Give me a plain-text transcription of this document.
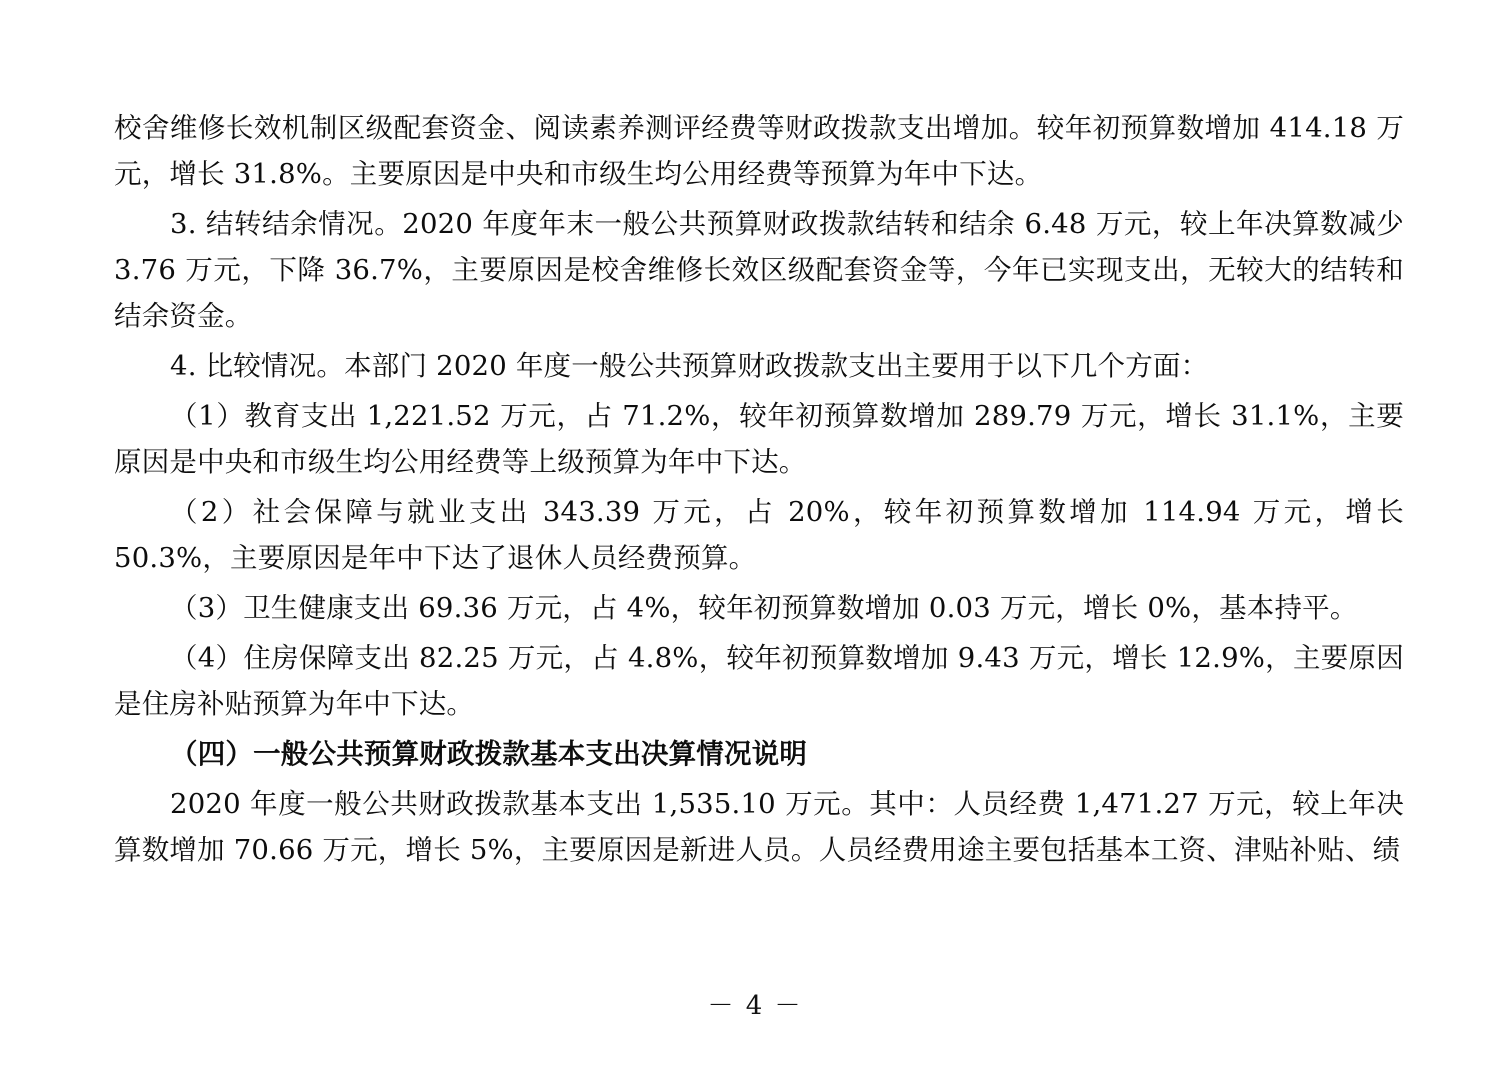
校舍维修长效机制区级配套资金、阅读素养测评经费等财政拨款支出增加。较年初预算数增加 414.18 万元，增长 31.8%。主要原因是中央和市级生均公用经费等预算为年中下达。

3. 结转结余情况。2020 年度年末一般公共预算财政拨款结转和结余 6.48 万元，较上年决算数减少 3.76 万元，下降 36.7%，主要原因是校舍维修长效区级配套资金等，今年已实现支出，无较大的结转和结余资金。

4. 比较情况。本部门 2020 年度一般公共预算财政拨款支出主要用于以下几个方面：

（1）教育支出 1,221.52 万元，占 71.2%，较年初预算数增加 289.79 万元，增长 31.1%，主要原因是中央和市级生均公用经费等上级预算为年中下达。

（2）社会保障与就业支出 343.39 万元，占 20%，较年初预算数增加 114.94 万元，增长 50.3%，主要原因是年中下达了退休人员经费预算。

（3）卫生健康支出 69.36 万元，占 4%，较年初预算数增加 0.03 万元，增长 0%，基本持平。

（4）住房保障支出 82.25 万元，占 4.8%，较年初预算数增加 9.43 万元，增长 12.9%，主要原因是住房补贴预算为年中下达。

（四）一般公共预算财政拨款基本支出决算情况说明

2020 年度一般公共财政拨款基本支出 1,535.10 万元。其中：人员经费 1,471.27 万元，较上年决算数增加 70.66 万元，增长 5%，主要原因是新进人员。人员经费用途主要包括基本工资、津贴补贴、绩

－ 4 －
